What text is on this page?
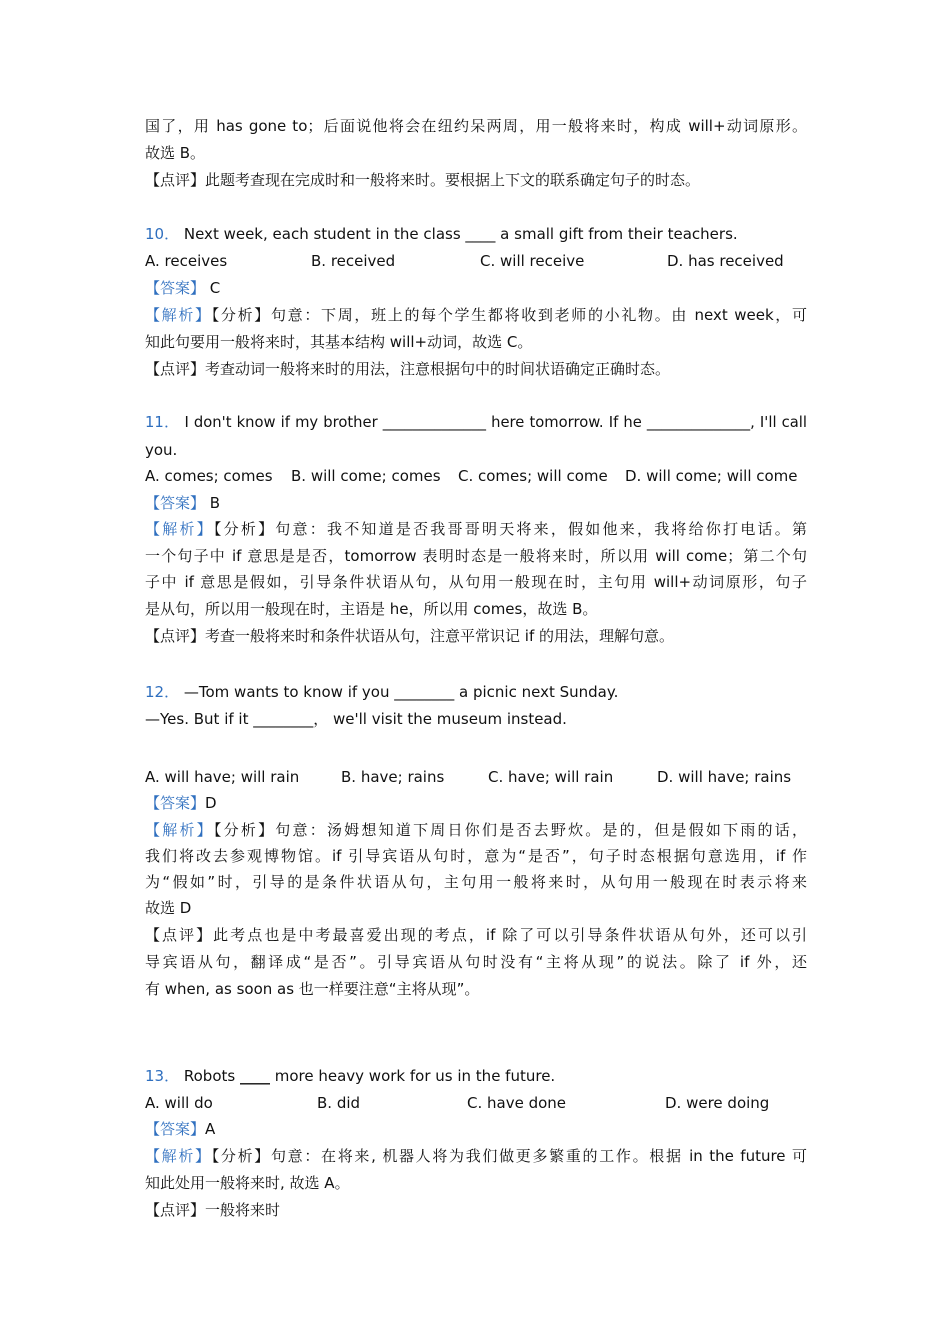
国了，用 has gone to；后面说他将会在纽约呆两周，用一般将来时，构成 will+动词原形。
故选 B。
【点评】此题考查现在完成时和一般将来时。要根据上下文的联系确定句子的时态。
10． Next week, each student in the class ____ a small gift from their teachers.
A. receives	B. received	C. will receive	D. has received
【答案】 C
【解析】【分析】句意：下周，班上的每个学生都将收到老师的小礼物。由 next week，可
知此句要用一般将来时，其基本结构 will+动词，故选 C。
【点评】考查动词一般将来时的用法，注意根据句中的时间状语确定正确时态。
11． I don't know if my brother ______________ here tomorrow. If he ______________, I'll call
you.
A. comes; comes B. will come; comes C. comes; will come D. will come; will come
【答案】 B
【解析】【分析】句意：我不知道是否我哥哥明天将来，假如他来，我将给你打电话。第
一个句子中 if 意思是是否，tomorrow 表明时态是一般将来时，所以用 will come；第二个句
子中 if 意思是假如，引导条件状语从句，从句用一般现在时，主句用 will+动词原形，句子
是从句，所以用一般现在时，主语是 he，所以用 comes，故选 B。
【点评】考查一般将来时和条件状语从句，注意平常识记 if 的用法，理解句意。
12． —Tom wants to know if you ________ a picnic next Sunday.
—Yes. But if it ________， we'll visit the museum instead.
A. will have; will rain	B. have; rains	C. have; will rain	D. will have; rains
【答案】D
【解析】【分析】句意：汤姆想知道下周日你们是否去野炊。是的，但是假如下雨的话，
我们将改去参观博物馆。if 引导宾语从句时，意为“是否”，句子时态根据句意选用，if 作
为“假如”时，引导的是条件状语从句，主句用一般将来时，从句用一般现在时表示将来
故选 D
【点评】此考点也是中考最喜爱出现的考点，if 除了可以引导条件状语从句外，还可以引
导宾语从句，翻译成“是否”。引导宾语从句时没有“主将从现”的说法。除了 if 外，还
有 when, as soon as 也一样要注意“主将从现”。
13． Robots ____ more heavy work for us in the future.
A. will do	B. did	C. have done	D. were doing
【答案】A
【解析】【分析】句意：在将来, 机器人将为我们做更多繁重的工作。根据 in the future 可
知此处用一般将来时, 故选 A。
【点评】一般将来时
